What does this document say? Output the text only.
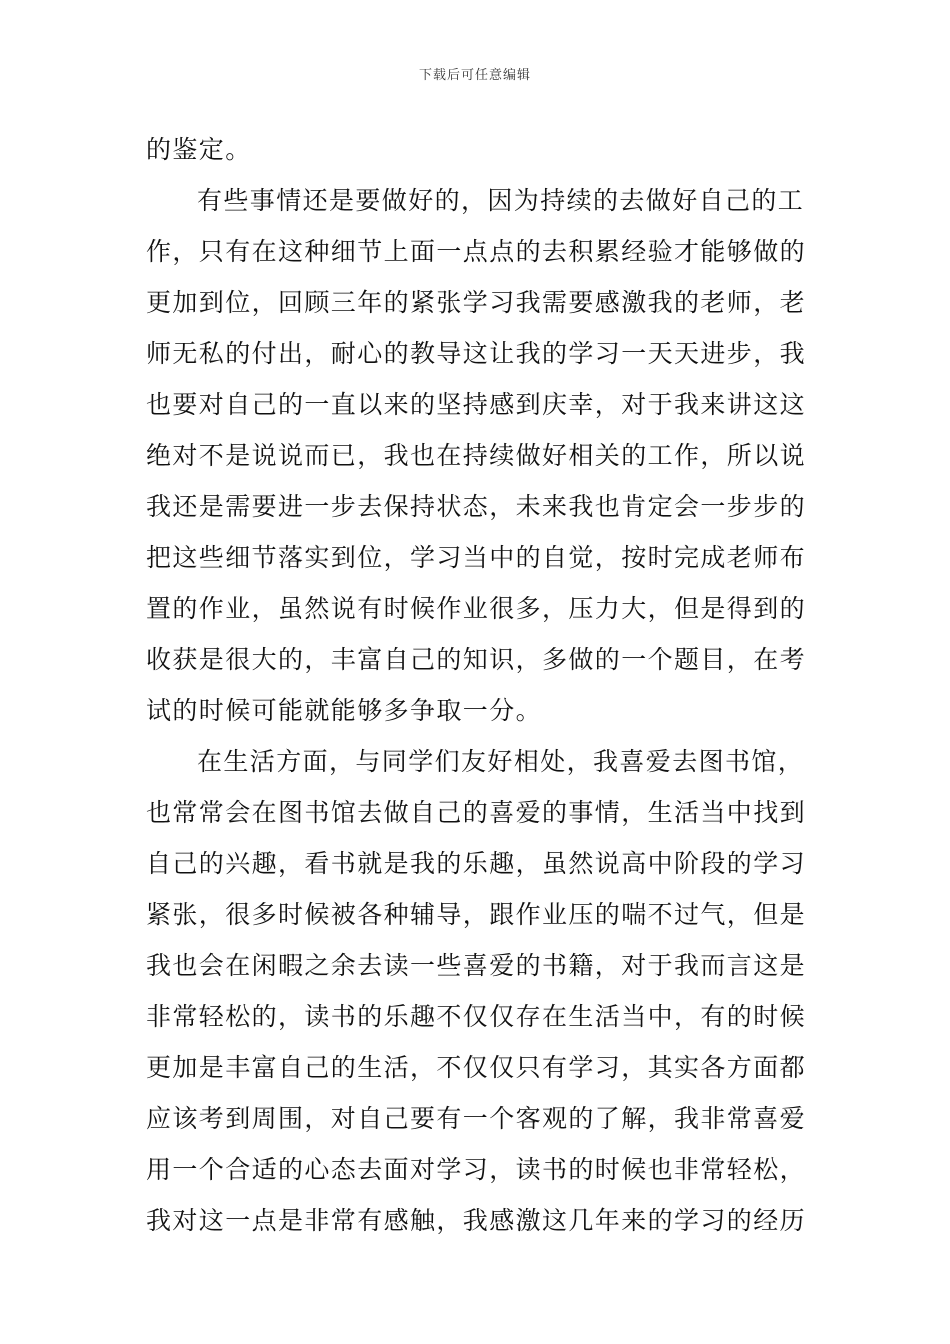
下载后可任意编辑
的鉴定。
有些事情还是要做好的，因为持续的去做好自己的工
作，只有在这种细节上面一点点的去积累经验才能够做的
更加到位，回顾三年的紧张学习我需要感激我的老师，老
师无私的付出，耐心的教导这让我的学习一天天进步，我
也要对自己的一直以来的坚持感到庆幸，对于我来讲这这
绝对不是说说而已，我也在持续做好相关的工作，所以说
我还是需要进一步去保持状态，未来我也肯定会一步步的
把这些细节落实到位，学习当中的自觉，按时完成老师布
置的作业，虽然说有时候作业很多，压力大，但是得到的
收获是很大的，丰富自己的知识，多做的一个题目，在考
试的时候可能就能够多争取一分。
在生活方面，与同学们友好相处，我喜爱去图书馆，
也常常会在图书馆去做自己的喜爱的事情，生活当中找到
自己的兴趣，看书就是我的乐趣，虽然说高中阶段的学习
紧张，很多时候被各种辅导，跟作业压的喘不过气，但是
我也会在闲暇之余去读一些喜爱的书籍，对于我而言这是
非常轻松的，读书的乐趣不仅仅存在生活当中，有的时候
更加是丰富自己的生活，不仅仅只有学习，其实各方面都
应该考到周围，对自己要有一个客观的了解，我非常喜爱
用一个合适的心态去面对学习，读书的时候也非常轻松，
我对这一点是非常有感触，我感激这几年来的学习的经历
